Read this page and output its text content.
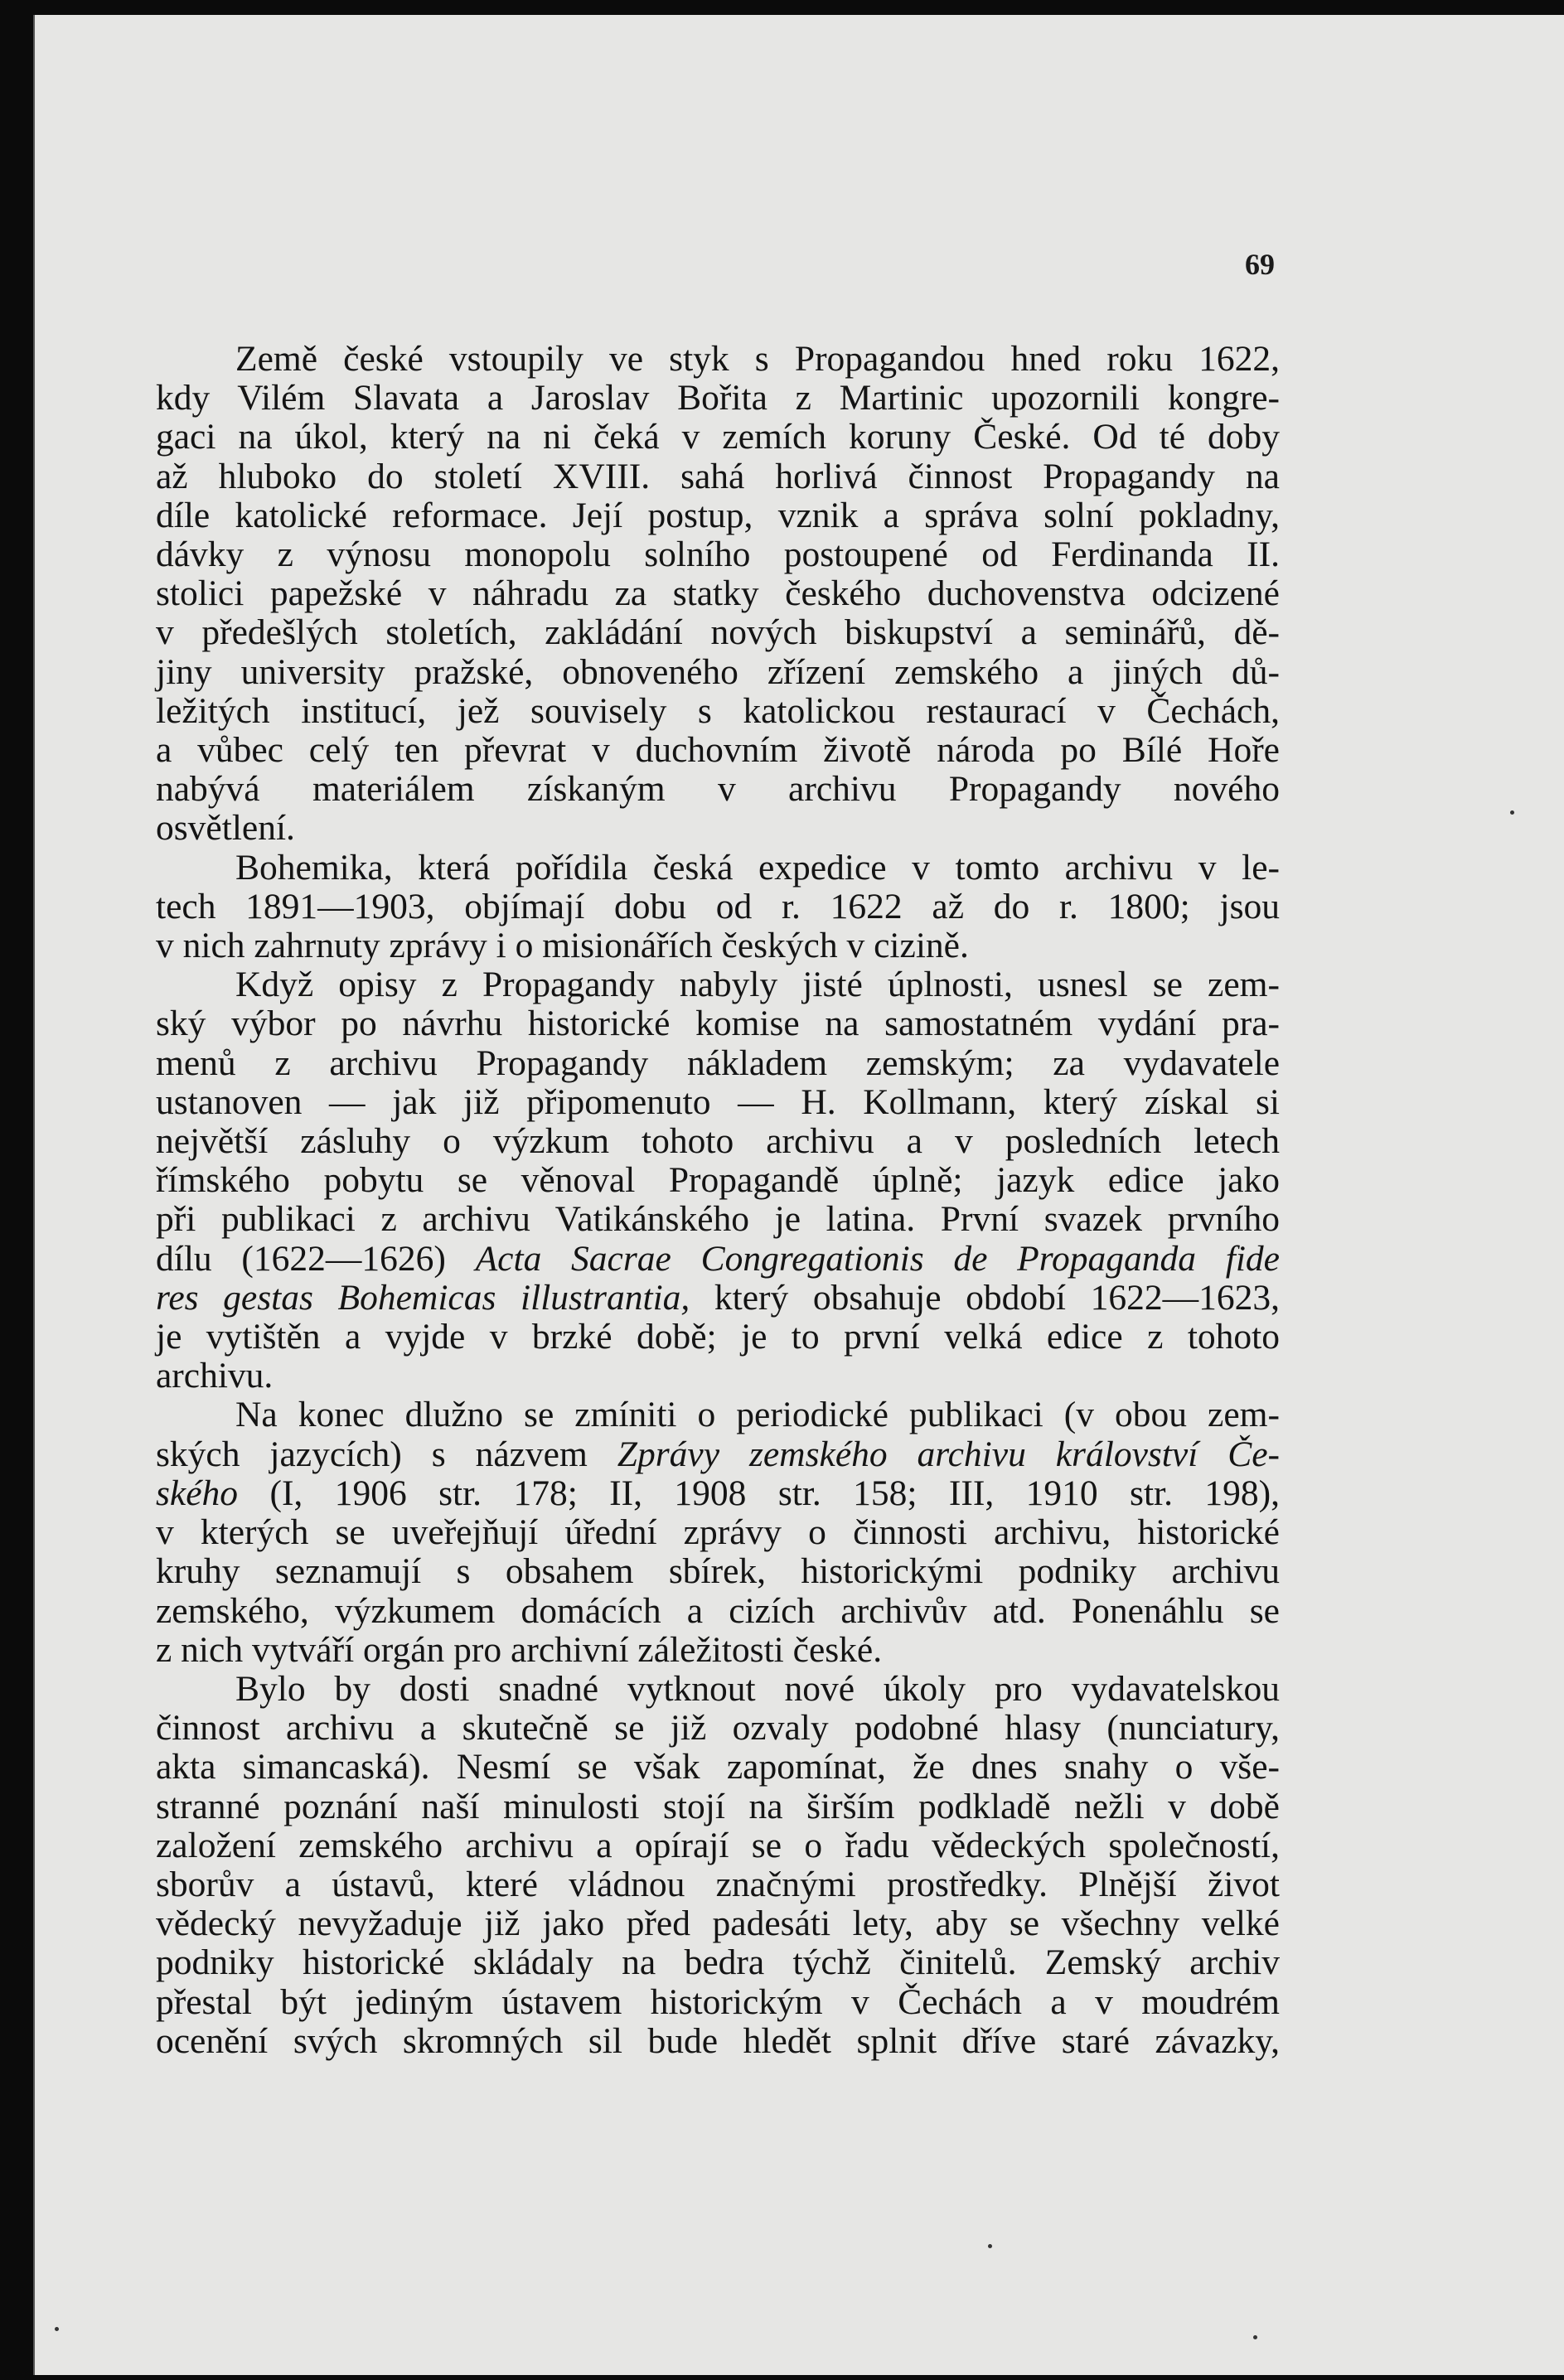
69

Země české vstoupily ve styk s Propagandou hned roku 1622,

kdy Vilém Slavata a Jaroslav Bořita z Martinic upozornili kongre-

gaci na úkol, který na ni čeká v zemích koruny České. Od té doby

až hluboko do století XVIII. sahá horlivá činnost Propagandy na

díle katolické reformace. Její postup, vznik a správa solní pokladny,

dávky z výnosu monopolu solního postoupené od Ferdinanda II.

stolici papežské v náhradu za statky českého duchovenstva odcizené

v předešlých stoletích, zakládání nových biskupství a seminářů, dě-

jiny university pražské, obnoveného zřízení zemského a jiných dů-

ležitých institucí, jež souvisely s katolickou restaurací v Čechách,

a vůbec celý ten převrat v duchovním životě národa po Bílé Hoře

nabývá materiálem získaným v archivu Propagandy nového

osvětlení.

Bohemika, která pořídila česká expedice v tomto archivu v le-

tech 1891—1903, objímají dobu od r. 1622 až do r. 1800; jsou

v nich zahrnuty zprávy i o misionářích českých v cizině.

Když opisy z Propagandy nabyly jisté úplnosti, usnesl se zem-

ský výbor po návrhu historické komise na samostatném vydání pra-

menů z archivu Propagandy nákladem zemským; za vydavatele

ustanoven — jak již připomenuto — H. Kollmann, který získal si

největší zásluhy o výzkum tohoto archivu a v posledních letech

římského pobytu se věnoval Propagandě úplně; jazyk edice jako

při publikaci z archivu Vatikánského je latina. První svazek prvního

dílu (1622—1626) Acta Sacrae Congregationis de Propaganda fide

res gestas Bohemicas illustrantia, který obsahuje období 1622—1623,

je vytištěn a vyjde v brzké době; je to první velká edice z tohoto

archivu.

Na konec dlužno se zmíniti o periodické publikaci (v obou zem-

ských jazycích) s názvem Zprávy zemského archivu království Če-

ského (I, 1906 str. 178; II, 1908 str. 158; III, 1910 str. 198),

v kterých se uveřejňují úřední zprávy o činnosti archivu, historické

kruhy seznamují s obsahem sbírek, historickými podniky archivu

zemského, výzkumem domácích a cizích archivův atd. Ponenáhlu se

z nich vytváří orgán pro archivní záležitosti české.

Bylo by dosti snadné vytknout nové úkoly pro vydavatelskou

činnost archivu a skutečně se již ozvaly podobné hlasy (nunciatury,

akta simancaská). Nesmí se však zapomínat, že dnes snahy o vše-

stranné poznání naší minulosti stojí na širším podkladě nežli v době

založení zemského archivu a opírají se o řadu vědeckých společností,

sborův a ústavů, které vládnou značnými prostředky. Plnější život

vědecký nevyžaduje již jako před padesáti lety, aby se všechny velké

podniky historické skládaly na bedra týchž činitelů. Zemský archiv

přestal být jediným ústavem historickým v Čechách a v moudrém

ocenění svých skromných sil bude hledět splnit dříve staré závazky,
